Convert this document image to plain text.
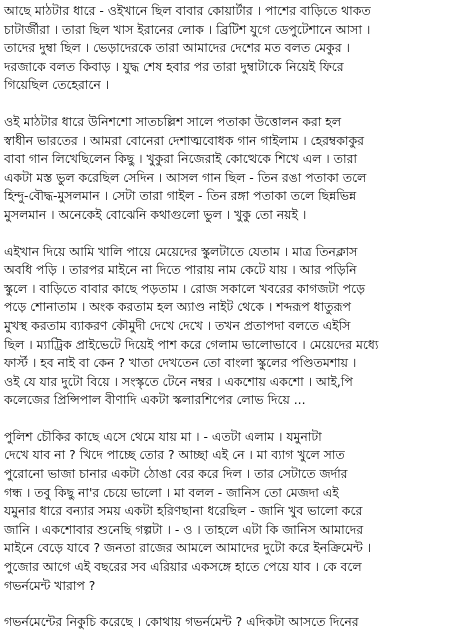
আছে মাঠটার ধারে - ওইখানে ছিল বাবার কোয়ার্টার । পাশের বাড়িতে থাকত
চাটার্জীরা । তারা ছিল খাস ইরানের লোক । ব্রিটিশ যুগে ডেপুটেশানে আসা ।
তাদের দুম্বা ছিল । ভেড়াদেরকে তারা আমাদের দেশের মত বলত মেকুর ।
দরজাকে বলত কিবাড় । যুদ্ধ শেষ হবার পর তারা দুম্বাটাকে নিয়েই ফিরে
গিয়েছিল তেহেরানে ।
ওই মাঠটার ধারে উনিশশো সাতচল্লিশ সালে পতাকা উত্তোলন করা হল
স্বাধীন ভারতের । আমরা বোনেরা দেশাত্মবোধক গান গাইলাম । হেরম্বকাকুর
বাবা গান লিখেছিলেন কিছু । খুকুরা নিজেরাই কোত্থেকে শিখে এল । তারা
একটা মস্ত ভুল করেছিল সেদিন । আসল গান ছিল - তিন রঙা পতাকা তলে
হিন্দু-বৌদ্ধ-মুসলমান । সেটা তারা গাইল - তিন রঙ্গা পতাকা তলে ছিন্নভিন্ন
মুসলমান । অনেকেই বোঝেনি কথাগুলো ভুল । খুকু তো নয়ই ।
এইখান দিয়ে আমি খালি পায়ে মেয়েদের স্কুলটাতে যেতাম । মাত্র তিনক্লাস
অবধি পড়ি । তারপর মাইনে না দিতে পারায় নাম কেটে যায় । আর পড়িনি
স্কুলে । বাড়িতে বাবার কাছে পড়তাম । রোজ সকালে খবরের কাগজটা পড়ে
পড়ে শোনাতাম । অংক করতাম হল অ্যাণ্ড নাইট থেকে । শব্দরূপ ধাতুরূপ
মুখস্থ করতাম ব্যাকরণ কৌমুদী দেখে দেখে । তখন প্রতাপদা বলতে এইসি
ছিল । ম্যাট্রিক প্রাইভেটে দিয়েই পাশ করে গেলাম ভালোভাবে । মেয়েদের মধ্যে
ফার্স্ট । হব নাই বা কেন ? খাতা দেখতেন তো বাংলা স্কুলের পণ্ডিতমশায় ।
ওই যে যার দুটো বিয়ে । সংস্কৃতে টেনে নম্বর । একশোয় একশো । আই,পি
কলেজের প্রিন্সিপাল বীণাদি একটা স্কলারশিপের লোভ দিয়ে ...
পুলিশ চৌকির কাছে এসে থেমে যায় মা । - এতটা এলাম । যমুনাটা
দেখে যাব না ? খিদে পাচ্ছে তোর ? আচ্ছা এই নে । মা ব্যাগ খুলে সাত
পুরোনো ভাজা চানার একটা ঠোঙা বের করে দিল । তার সেটাতে জর্দার
গন্ধ । তবু কিছু না'র চেয়ে ভালো । মা বলল - জানিস তো মেজদা এই
যমুনার ধারে বন্যার সময় একটা হরিণছানা ধরেছিল - জানি খুব ভালো করে
জানি । একশোবার শুনেছি গল্পটা । - ও । তাহলে এটা কি জানিস আমাদের
মাইনে বেড়ে যাবে ? জনতা রাজের আমলে আমাদের দুটো করে ইনক্রিমেন্ট ।
পুজোর আগে এই বছরের সব এরিয়ার একসঙ্গে হাতে পেয়ে যাব । কে বলে
গভর্নমেন্ট খারাপ ?
গভর্নমেন্টের নিকুচি করেছে । কোথায় গভর্নমেন্ট ? এদিকটা আসতে দিনের
